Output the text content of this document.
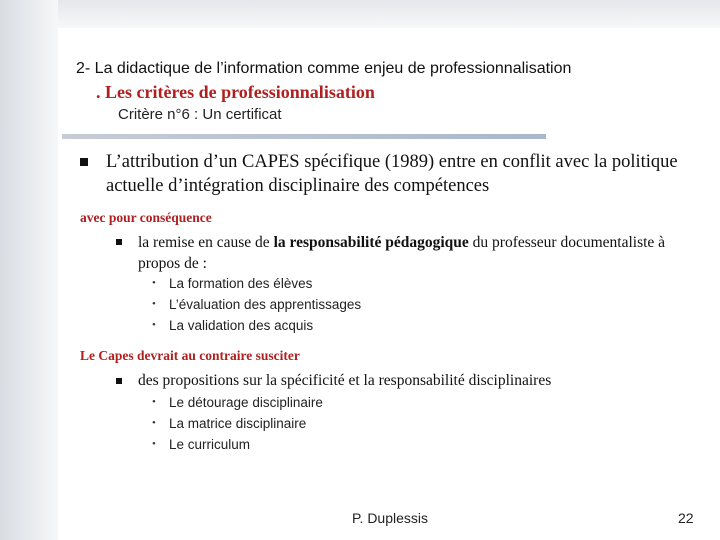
2- La didactique de l’information comme enjeu de professionnalisation
. Les critères de professionnalisation
Critère n°6 : Un certificat
L’attribution d’un CAPES spécifique (1989) entre en conflit avec la politique actuelle d’intégration disciplinaire des compétences
avec pour conséquence
la remise en cause de la responsabilité pédagogique du professeur documentaliste à propos de :
• La formation des élèves
• L’évaluation des apprentissages
• La validation des acquis
Le Capes devrait au contraire susciter
des propositions sur la spécificité et la responsabilité disciplinaires
• Le détourage disciplinaire
• La matrice disciplinaire
• Le curriculum
P. Duplessis	22
